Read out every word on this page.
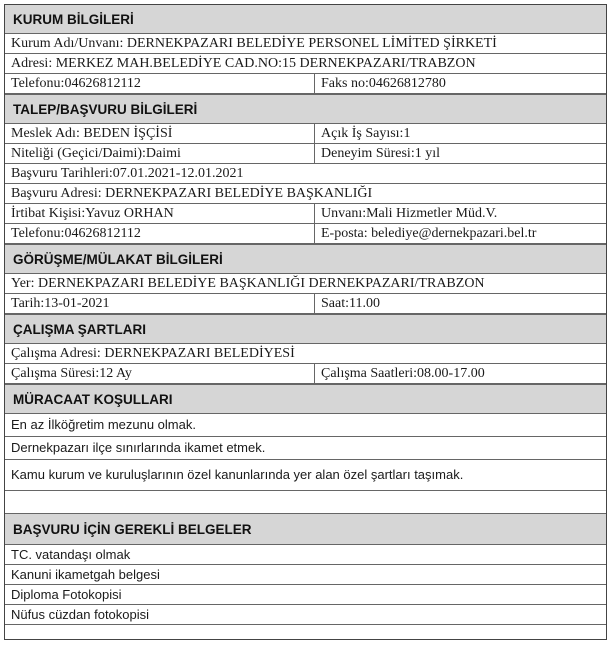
KURUM BİLGİLERİ
Kurum Adı/Unvanı: DERNEKPAZARI BELEDİYE PERSONEL LİMİTED ŞİRKETİ
Adresi: MERKEZ MAH.BELEDİYE CAD.NO:15 DERNEKPAZARI/TRABZON
Telefonu:04626812112	Faks no:04626812780
TALEP/BAŞVURU BİLGİLERİ
Meslek Adı: BEDEN İŞÇİSİ	Açık İş Sayısı:1
Niteliği (Geçici/Daimi):Daimi	Deneyim Süresi:1 yıl
Başvuru Tarihleri:07.01.2021-12.01.2021
Başvuru Adresi: DERNEKPAZARI BELEDİYE BAŞKANLIĞI
İrtibat Kişisi:Yavuz ORHAN	Unvanı:Mali Hizmetler Müd.V.
Telefonu:04626812112	E-posta: belediye@dernekpazari.bel.tr
GÖRÜŞME/MÜLAKAT BİLGİLERİ
Yer: DERNEKPAZARI BELEDİYE BAŞKANLIĞI DERNEKPAZARI/TRABZON
Tarih:13-01-2021	Saat:11.00
ÇALIŞMA ŞARTLARI
Çalışma Adresi: DERNEKPAZARI BELEDİYESİ
Çalışma Süresi:12 Ay	Çalışma Saatleri:08.00-17.00
MÜRACAAT KOŞULLARI
En az İlköğretim mezunu olmak.
Dernekpazarı ilçe sınırlarında ikamet etmek.
Kamu kurum ve kuruluşlarının özel kanunlarında yer alan özel şartları taşımak.
BAŞVURU İÇİN GEREKLİ BELGELER
TC. vatandaşı olmak
Kanuni ikametgah belgesi
Diploma Fotokopisi
Nüfus cüzdan fotokopisi
